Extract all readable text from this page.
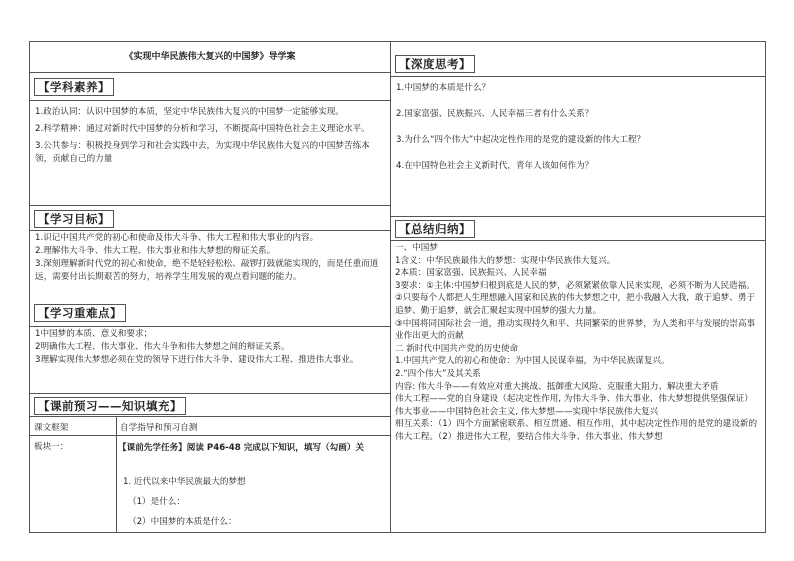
《实现中华民族伟大复兴的中国梦》导学案
【学科素养】

1.政治认同：认识中国梦的本质，坚定中华民族伟大复兴的中国梦一定能够实现。

2.科学精神：通过对新时代中国梦的分析和学习，不断提高中国特色社会主义理论水平。

3.公共参与：积极投身到学习和社会实践中去，为实现中华民族伟大复兴的中国梦苦练本领，贡献自己的力量

【学习目标】

1.识记中国共产党的初心和使命及伟大斗争、伟大工程和伟大事业的内容。

2.理解伟大斗争、伟大工程、伟大事业和伟大梦想的辩证关系。

3.深刻理解新时代党的初心和使命，绝不是轻轻松松、敲锣打鼓就能实现的，而是任重而道远，需要付出长期艰苦的努力，培养学生用发展的观点看问题的能力。

【学习重难点】

1中国梦的本质、意义和要求；

2明确伟大工程、伟大事业、伟大斗争和伟大梦想之间的辩证关系。

3理解实现伟大梦想必须在党的领导下进行伟大斗争、建设伟大工程、推进伟大事业。

【课前预习——知识填充】
课文框架	自学指导和预习自测
板块一：	【课前先学任务】阅读 P46-48 完成以下知识，填写（勾画）关
1. 近代以来中华民族最大的梦想
（1）是什么：
（2）中国梦的本质是什么：
【深度思考】

1.中国梦的本质是什么？

2.国家富强、民族振兴、人民幸福三者有什么关系？

3.为什么“四个伟大”中起决定性作用的是党的建设新的伟大工程？

4.在中国特色社会主义新时代，青年人该如何作为？

【总结归纳】
一、中国梦
1含义：中华民族最伟大的梦想：实现中华民族伟大复兴。
2本质：国家富强、民族振兴、人民幸福
3要求：①主体:中国梦归根到底是人民的梦，必须紧紧依靠人民来实现，必须不断为人民造福。
②只要每个人都把人生理想融入国家和民族的伟大梦想之中，把小我融入大我，敢于追梦、勇于追梦、勤于追梦，就会汇聚起实现中国梦的强大力量。
③中国将同国际社会一道，推动实现持久和平、共同繁荣的世界梦，为人类和平与发展的崇高事业作出更大的贡献
二 新时代中国共产党的历史使命
1.中国共产党人的初心和使命：为中国人民谋幸福，为中华民族谋复兴。
2.“四个伟大”及其关系
内容: 伟大斗争——有效应对重大挑战、抵御重大风险、克服重大阻力、解决重大矛盾
伟大工程——党的自身建设（起决定性作用, 为伟大斗争、伟大事业、伟大梦想提供坚强保证）
伟大事业——中国特色社会主义, 伟大梦想——实现中华民族伟大复兴
相互关系：（1）四个方面紧密联系、相互贯通、相互作用，其中起决定性作用的是党的建设新的伟大工程。（2）推进伟大工程，要结合伟大斗争、伟大事业、伟大梦想
